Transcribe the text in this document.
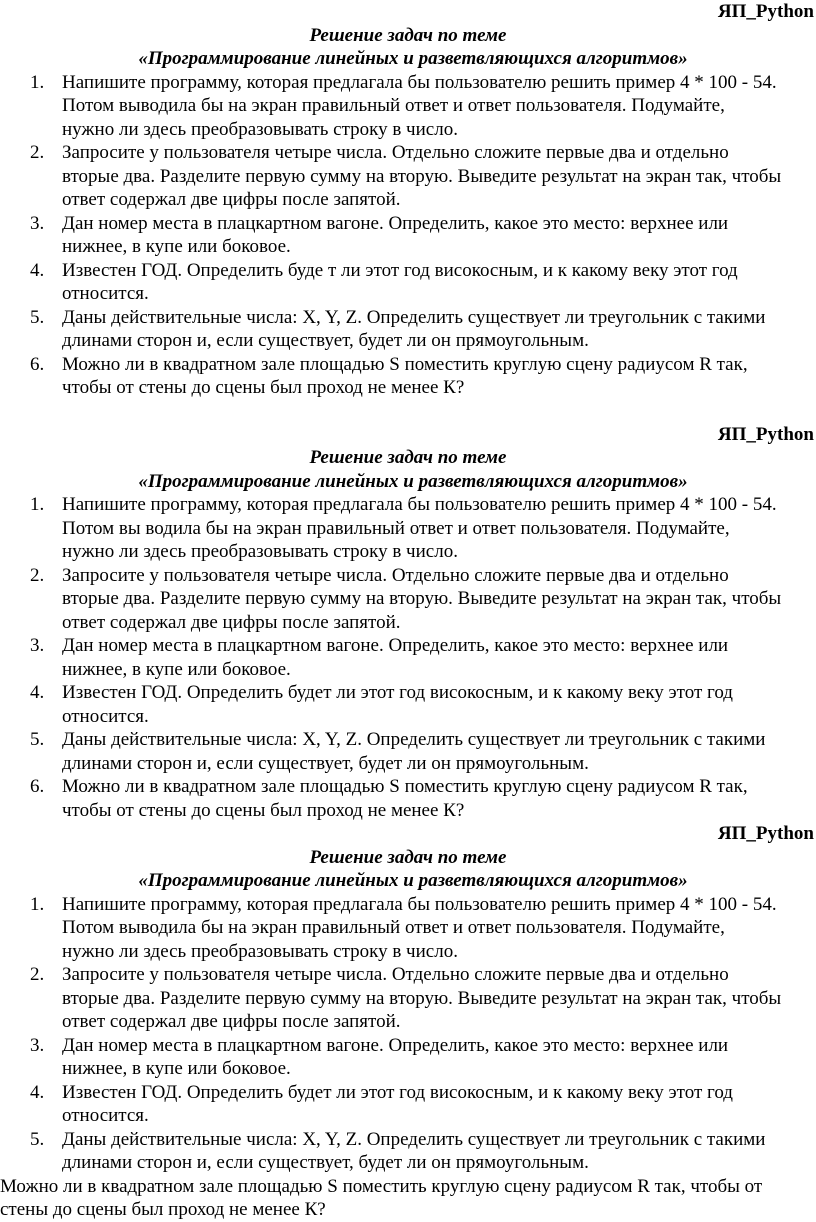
ЯП_Python
Решение задач по теме
«Программирование линейных и разветвляющихся алгоритмов»
1. Напишите программу, которая предлагала бы пользователю решить пример 4 * 100 - 54.
Потом выводила бы на экран правильный ответ и ответ пользователя. Подумайте,
нужно ли здесь преобразовывать строку в число.
2. Запросите у пользователя четыре числа. Отдельно сложите первые два и отдельно
вторые два. Разделите первую сумму на вторую. Выведите результат на экран так, чтобы
ответ содержал две цифры после запятой.
3. Дан номер места в плацкартном вагоне. Определить, какое это место: верхнее или
нижнее, в купе или боковое.
4. Известен ГОД. Определить буде т ли этот год високосным, и к какому веку этот год
относится.
5. Даны действительные числа: X, Y, Z. Определить существует ли треугольник с такими
длинами сторон и, если существует, будет ли он прямоугольным.
6. Можно ли в квадратном зале площадью S поместить круглую сцену радиусом R так,
чтобы от стены до сцены был проход не менее К?
ЯП_Python
Решение задач по теме
«Программирование линейных и разветвляющихся алгоритмов»
1. Напишите программу, которая предлагала бы пользователю решить пример 4 * 100 - 54.
Потом вы водила бы на экран правильный ответ и ответ пользователя. Подумайте,
нужно ли здесь преобразовывать строку в число.
2. Запросите у пользователя четыре числа. Отдельно сложите первые два и отдельно
вторые два. Разделите первую сумму на вторую. Выведите результат на экран так, чтобы
ответ содержал две цифры после запятой.
3. Дан номер места в плацкартном вагоне. Определить, какое это место: верхнее или
нижнее, в купе или боковое.
4. Известен ГОД. Определить будет ли этот год високосным, и к какому веку этот год
относится.
5. Даны действительные числа: X, Y, Z. Определить существует ли треугольник с такими
длинами сторон и, если существует, будет ли он прямоугольным.
6. Можно ли в квадратном зале площадью S поместить круглую сцену радиусом R так,
чтобы от стены до сцены был проход не менее К?
ЯП_Python
Решение задач по теме
«Программирование линейных и разветвляющихся алгоритмов»
1. Напишите программу, которая предлагала бы пользователю решить пример 4 * 100 - 54.
Потом выводила бы на экран правильный ответ и ответ пользователя. Подумайте,
нужно ли здесь преобразовывать строку в число.
2. Запросите у пользователя четыре числа. Отдельно сложите первые два и отдельно
вторые два. Разделите первую сумму на вторую. Выведите результат на экран так, чтобы
ответ содержал две цифры после запятой.
3. Дан номер места в плацкартном вагоне. Определить, какое это место: верхнее или
нижнее, в купе или боковое.
4. Известен ГОД. Определить будет ли этот год високосным, и к какому веку этот год
относится.
5. Даны действительные числа: X, Y, Z. Определить существует ли треугольник с такими
длинами сторон и, если существует, будет ли он прямоугольным.
Можно ли в квадратном зале площадью S поместить круглую сцену радиусом R так, чтобы от
стены до сцены был проход не менее К?
